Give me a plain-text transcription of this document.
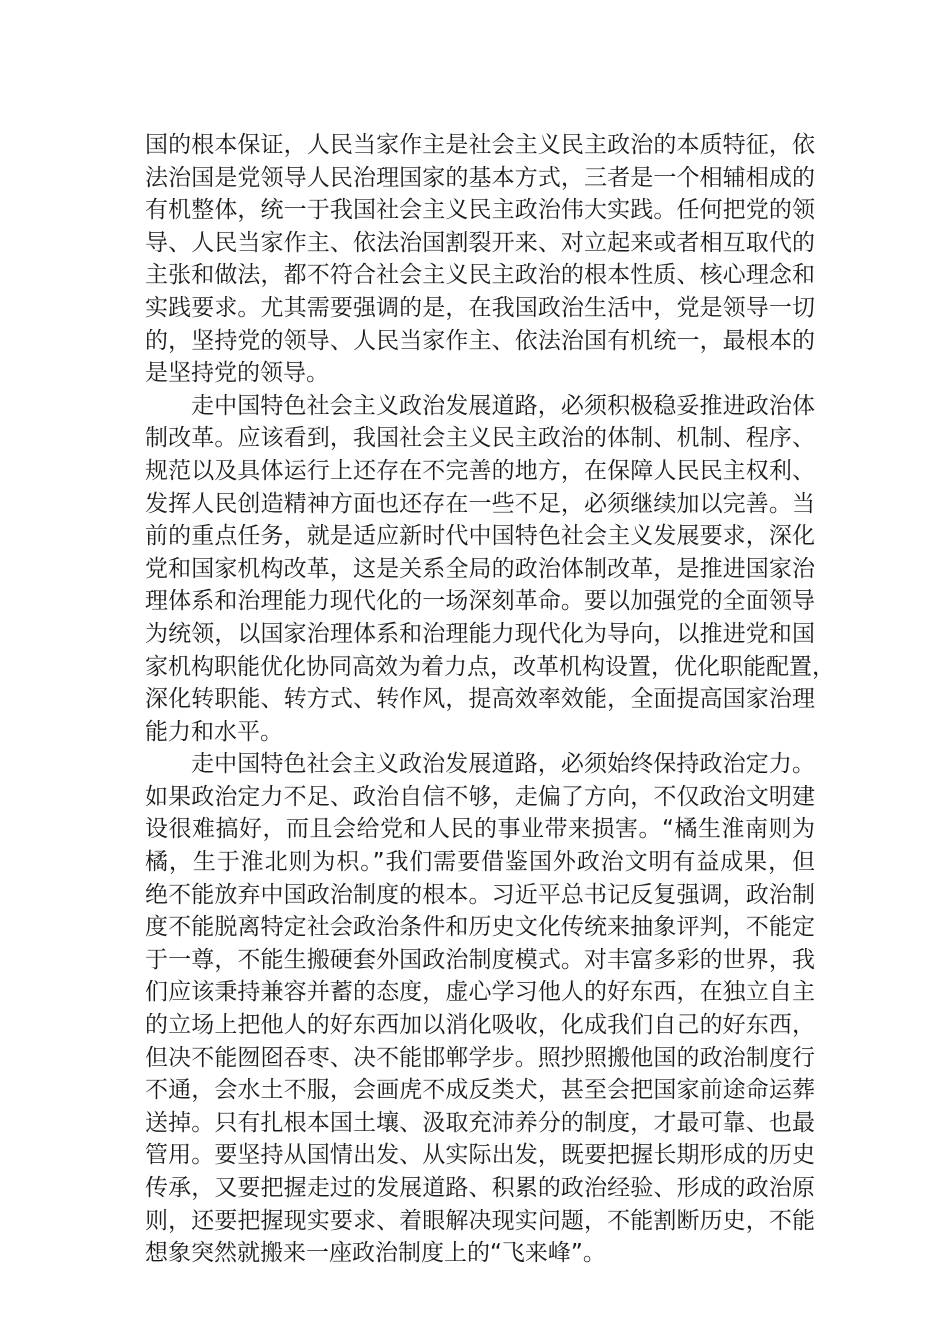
国的根本保证，人民当家作主是社会主义民主政治的本质特征，依
法治国是党领导人民治理国家的基本方式，三者是一个相辅相成的
有机整体，统一于我国社会主义民主政治伟大实践。任何把党的领
导、人民当家作主、依法治国割裂开来、对立起来或者相互取代的
主张和做法，都不符合社会主义民主政治的根本性质、核心理念和
实践要求。尤其需要强调的是，在我国政治生活中，党是领导一切
的，坚持党的领导、人民当家作主、依法治国有机统一，最根本的
是坚持党的领导。
走中国特色社会主义政治发展道路，必须积极稳妥推进政治体
制改革。应该看到，我国社会主义民主政治的体制、机制、程序、
规范以及具体运行上还存在不完善的地方，在保障人民民主权利、
发挥人民创造精神方面也还存在一些不足，必须继续加以完善。当
前的重点任务，就是适应新时代中国特色社会主义发展要求，深化
党和国家机构改革，这是关系全局的政治体制改革，是推进国家治
理体系和治理能力现代化的一场深刻革命。要以加强党的全面领导
为统领，以国家治理体系和治理能力现代化为导向，以推进党和国
家机构职能优化协同高效为着力点，改革机构设置，优化职能配置，
深化转职能、转方式、转作风，提高效率效能，全面提高国家治理
能力和水平。
走中国特色社会主义政治发展道路，必须始终保持政治定力。
如果政治定力不足、政治自信不够，走偏了方向，不仅政治文明建
设很难搞好，而且会给党和人民的事业带来损害。“橘生淮南则为
橘，生于淮北则为枳。”我们需要借鉴国外政治文明有益成果，但
绝不能放弃中国政治制度的根本。习近平总书记反复强调，政治制
度不能脱离特定社会政治条件和历史文化传统来抽象评判，不能定
于一尊，不能生搬硬套外国政治制度模式。对丰富多彩的世界，我
们应该秉持兼容并蓄的态度，虚心学习他人的好东西，在独立自主
的立场上把他人的好东西加以消化吸收，化成我们自己的好东西，
但决不能囫囵吞枣、决不能邯郸学步。照抄照搬他国的政治制度行
不通，会水土不服，会画虎不成反类犬，甚至会把国家前途命运葬
送掉。只有扎根本国土壤、汲取充沛养分的制度，才最可靠、也最
管用。要坚持从国情出发、从实际出发，既要把握长期形成的历史
传承，又要把握走过的发展道路、积累的政治经验、形成的政治原
则，还要把握现实要求、着眼解决现实问题，不能割断历史，不能
想象突然就搬来一座政治制度上的“飞来峰”。
